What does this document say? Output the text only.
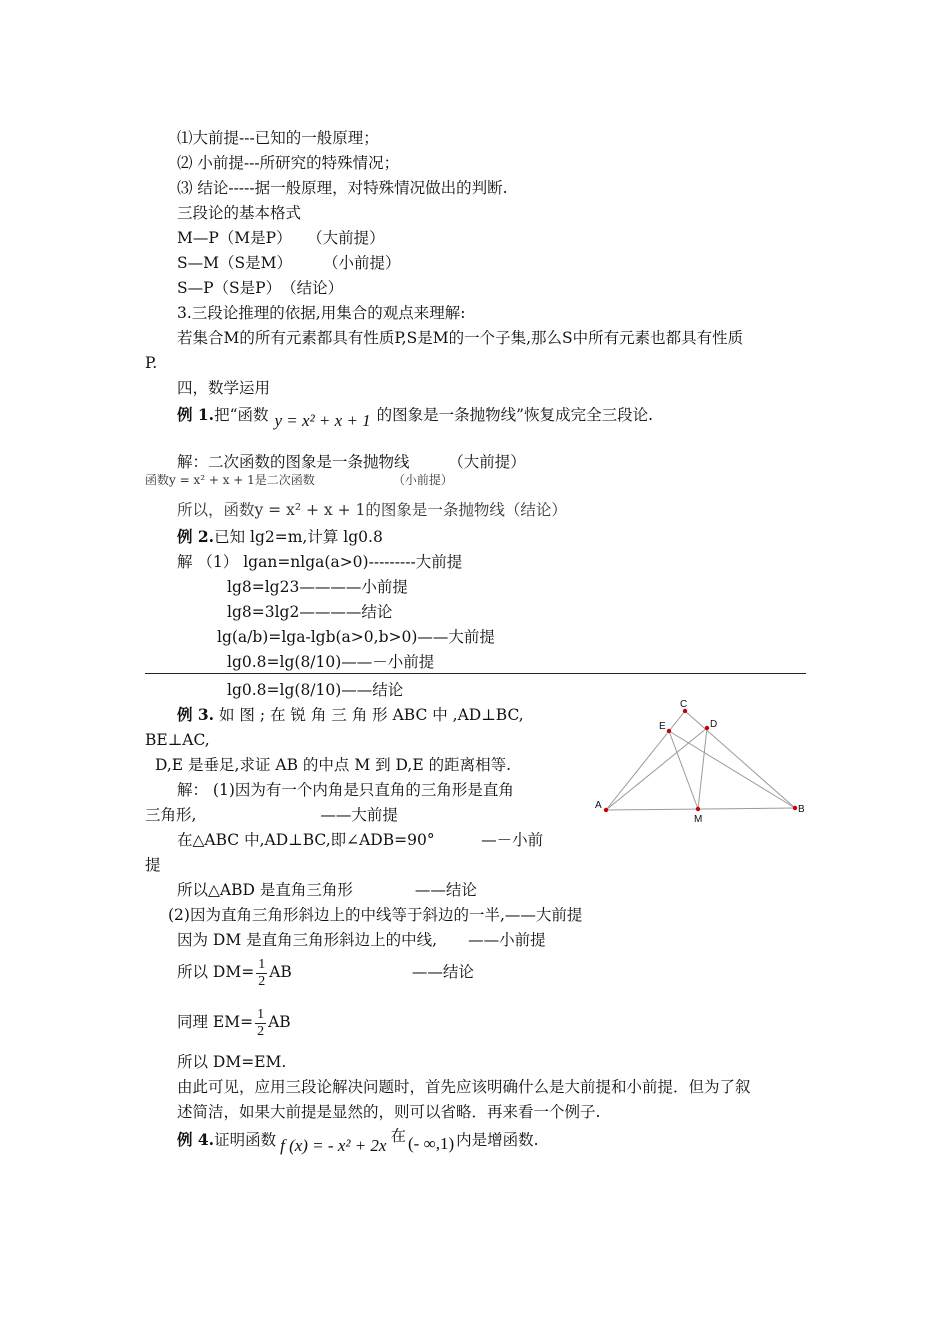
⑴大前提---已知的一般原理；
⑵ 小前提---所研究的特殊情况；
⑶ 结论-----据一般原理，对特殊情况做出的判断.
三段论的基本格式
M—P（M是P）　　（大前提）
S—M（S是M）　　　（小前提）
S—P（S是P）　（结论）
3.三段论推理的依据,用集合的观点来理解:
若集合M的所有元素都具有性质P,S是M的一个子集,那么S中所有元素也都具有性质
P.
四，数学运用
例 1.把“函数 y = x² + x + 1 的图象是一条抛物线”恢复成完全三段论.
解：二次函数的图象是一条抛物线　　　（大前提）
函数y = x² + x + 1是二次函数	（小前提）
所以，函数y = x² + x + 1的图象是一条抛物线（结论）
例 2.已知 lg2=m,计算 lg0.8
解 （1） lgan=nlga(a>0)---------大前提
lg8=lg23————小前提
lg8=3lg2————结论
lg(a/b)=lga-lgb(a>0,b>0)——大前提
lg0.8=lg(8/10)——－小前提
lg0.8=lg(8/10)——结论
例 3. 如 图 ; 在 锐 角 三 角 形 ABC 中 ,AD⊥BC,
BE⊥AC,
D,E 是垂足,求证 AB 的中点 M 到 D,E 的距离相等.
解： (1)因为有一个内角是只直角的三角形是直角
三角形,　　　　　　　　——大前提
在△ABC 中,AD⊥BC,即∠ADB=90°　　　—－小前
提
所以△ABD 是直角三角形　　　　——结论
(2)因为直角三角形斜边上的中线等于斜边的一半,——大前提
因为 DM 是直角三角形斜边上的中线,　　——小前提
所以 $DM= \frac{1}{2}$ AB	——结论
同理 $EM= \frac{1}{2}$ AB
所以 DM=EM.
由此可见，应用三段论解决问题时，首先应该明确什么是大前提和小前提．但为了叙
述简洁，如果大前提是显然的，则可以省略．再来看一个例子.
例 4.证明函数 f (x) = - x² + 2x 在 (- ∞,1) 内是增函数.
A	B
C
D
E
M
